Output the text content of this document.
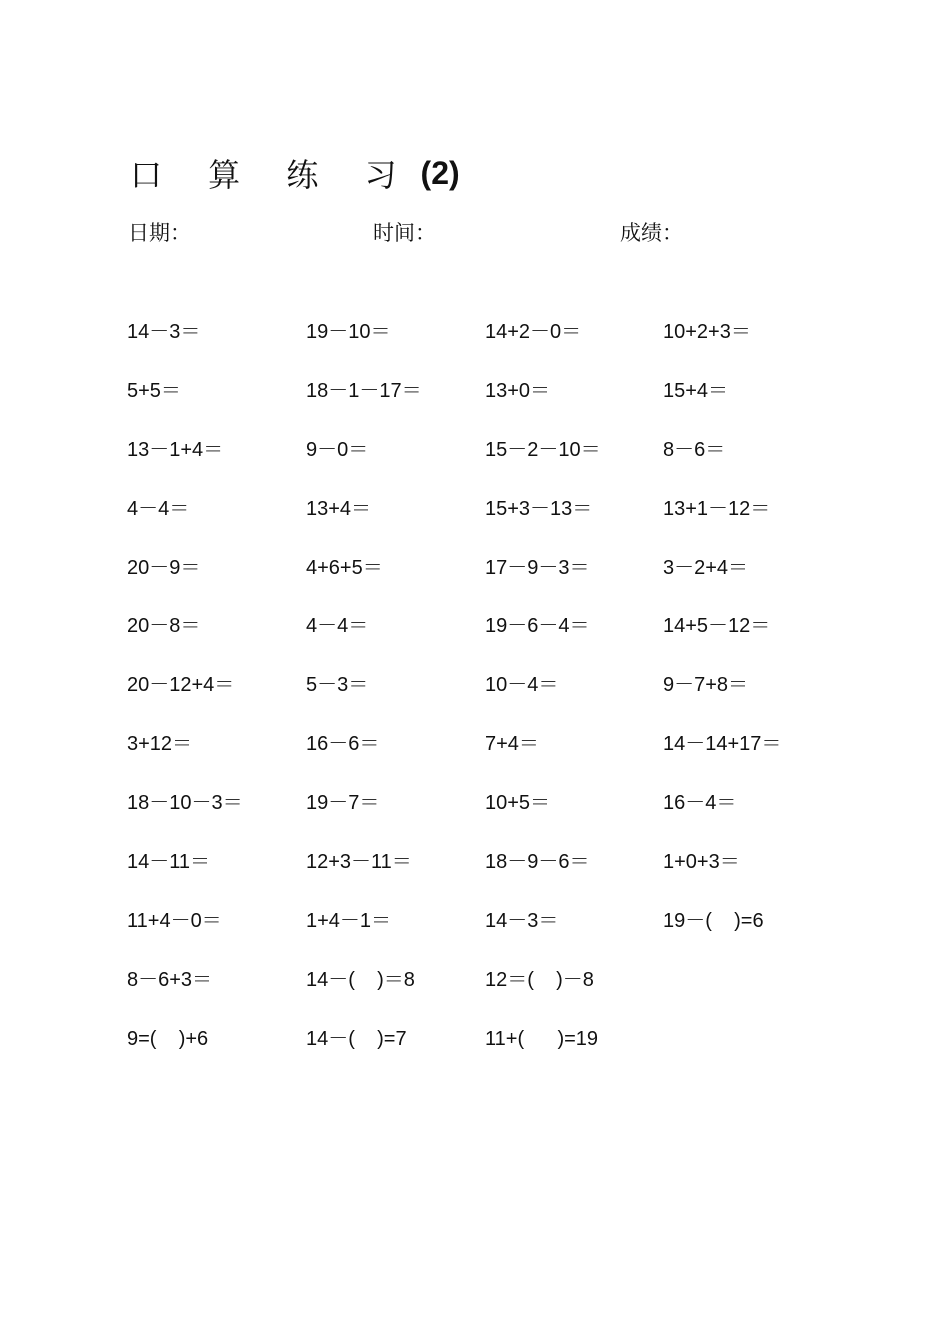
口 算 练 习 (2)
日期：	时间：	成绩：
14－3＝	19－10＝	14+2－0＝	10+2+3＝
5+5＝	18－1－17＝	13+0＝	15+4＝
13－1+4＝	9－0＝	15－2－10＝	8－6＝
4－4＝	13+4＝	15+3－13＝	13+1－12＝
20－9＝	4+6+5＝	17－9－3＝	3－2+4＝
20－8＝	4－4＝	19－6－4＝	14+5－12＝
20－12+4＝	5－3＝	10－4＝	9－7+8＝
3+12＝	16－6＝	7+4＝	14－14+17＝
18－10－3＝	19－7＝	10+5＝	16－4＝
14－11＝	12+3－11＝	18－9－6＝	1+0+3＝
11+4－0＝	1+4－1＝	14－3＝	19－(    )=6
8－6+3＝	14－(    )＝8	12＝(    )－8
9=(    )+6	14－(    )=7	11+(      )=19
